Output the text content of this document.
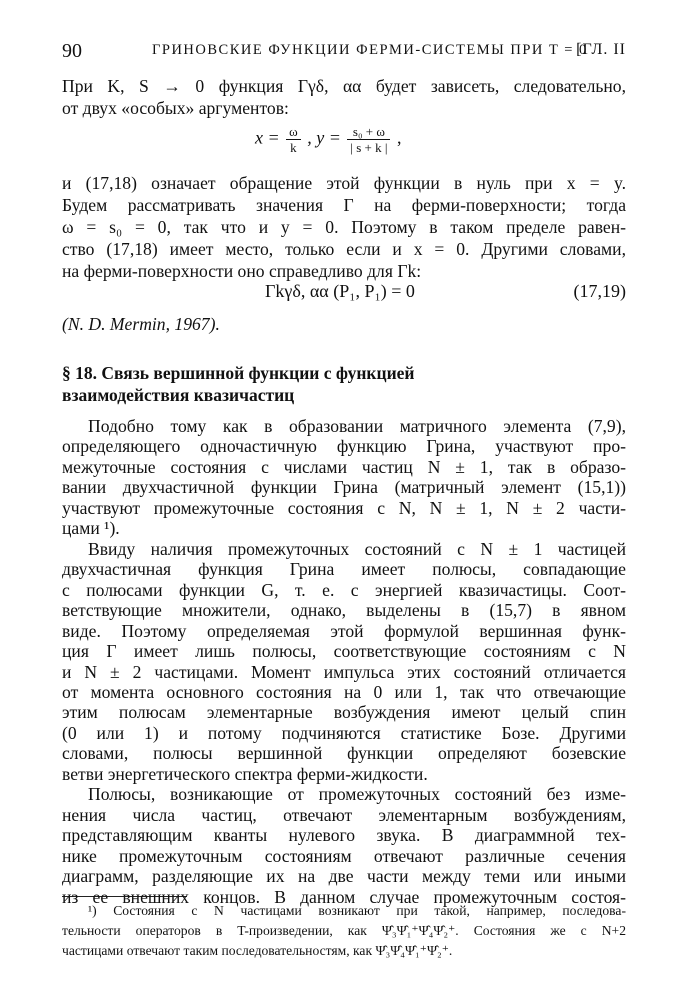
90	ГРИНОВСКИЕ ФУНКЦИИ ФЕРМИ-СИСТЕМЫ ПРИ T = 0
[ГЛ. II
При K, S → 0 функция Γγδ, αα будет зависеть, следовательно,
от двух «особых» аргументов:
$x = \frac{\omega}{k}$ , $y = \frac{\text{s₀ + ω}}{| s + k |}$ ,
и (17,18) означает обращение этой функции в нуль при x = y.
Будем рассматривать значения Γ на ферми-поверхности; тогда
ω = s₀ = 0, так что и y = 0. Поэтому в таком пределе равен-
ство (17,18) имеет место, только если и x = 0. Другими словами,
на ферми-поверхности оно справедливо для Γk:
Γkγδ, αα (P₁, P₁) = 0	(17,19)
(N. D. Mermin, 1967).
§ 18. Связь вершинной функции с функцией
взаимодействия квазичастиц
Подобно тому как в образовании матричного элемента (7,9),
определяющего одночастичную функцию Грина, участвуют про-
межуточные состояния с числами частиц N ± 1, так в образо-
вании двухчастичной функции Грина (матричный элемент (15,1))
участвуют промежуточные состояния с N, N ± 1, N ± 2 части-
цами ¹).
Ввиду наличия промежуточных состояний с N ± 1 частицей
двухчастичная функция Грина имеет полюсы, совпадающие
с полюсами функции G, т. е. с энергией квазичастицы. Соот-
ветствующие множители, однако, выделены в (15,7) в явном
виде. Поэтому определяемая этой формулой вершинная функ-
ция Γ имеет лишь полюсы, соответствующие состояниям с N
и N ± 2 частицами. Момент импульса этих состояний отличается
от момента основного состояния на 0 или 1, так что отвечающие
этим полюсам элементарные возбуждения имеют целый спин
(0 или 1) и потому подчиняются статистике Бозе. Другими
словами, полюсы вершинной функции определяют бозевские
ветви энергетического спектра ферми-жидкости.
Полюсы, возникающие от промежуточных состояний без изме-
нения числа частиц, отвечают элементарным возбуждениям,
представляющим кванты нулевого звука. В диаграммной тех-
¹) Состояния с N частицами возникают при такой, например, последова-
тельности операторов в T-произведении, как Ψ̂₃Ψ̂₁⁺Ψ̂₄Ψ̂₂⁺. Состояния же с N+2
частицами отвечают таким последовательностям, как Ψ̂₃Ψ̂₄Ψ̂₁⁺Ψ̂₂⁺.
нике промежуточным состояниям отвечают различные сечения
диаграмм, разделяющие их на две части между теми или иными
из ее внешних концов. В данном случае промежуточным состоя-
